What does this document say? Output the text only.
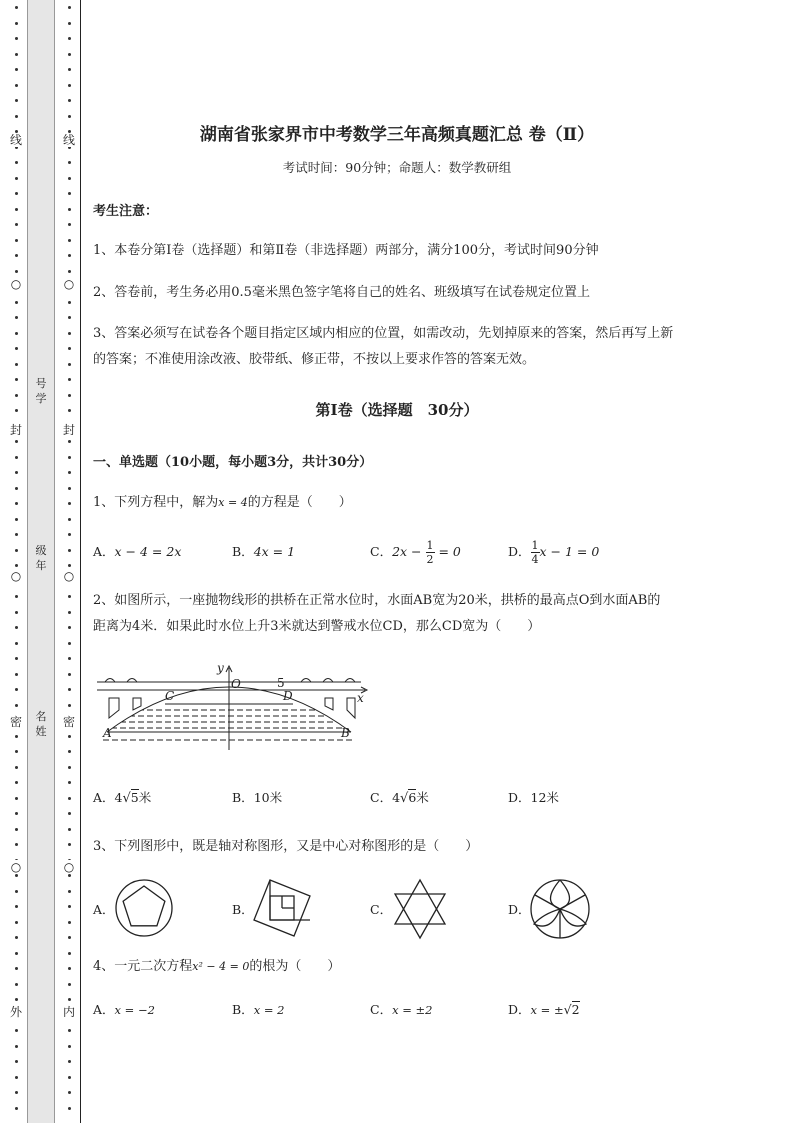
线
○
封
○
密
○
外
线
○
封
○
密
○
内
号学
级年
名姓
湖南省张家界市中考数学三年高频真题汇总 卷（Ⅱ）
考试时间：90分钟；命题人：数学教研组
考生注意：
1、本卷分第Ⅰ卷（选择题）和第Ⅱ卷（非选择题）两部分，满分100分，考试时间90分钟
2、答卷前，考生务必用0.5毫米黑色签字笔将自己的姓名、班级填写在试卷规定位置上
3、答案必须写在试卷各个题目指定区域内相应的位置，如需改动，先划掉原来的答案，然后再写上新
的答案；不准使用涂改液、胶带纸、修正带，不按以上要求作答的答案无效。
第Ⅰ卷（选择题　30分）
一、单选题（10小题，每小题3分，共计30分）
1、下列方程中，解为x = 4的方程是（　　）
A．x − 4 = 2x	B．4x = 1	C．$2x - \frac{1}{2} = 0$	D． $\frac{1}{4}$ x − 1 = 0
2、如图所示，一座抛物线形的拱桥在正常水位时，水面AB宽为20米，拱桥的最高点O到水面AB的
距离为4米．如果此时水位上升3米就达到警戒水位CD，那么CD宽为（　　）
y
O	5
x
C	D
A	B
A．4√5米	B．10米	C．4√6米	D．12米
3、下列图形中，既是轴对称图形，又是中心对称图形的是（　　）
A．	B．	C．	D．
4、一元二次方程x² − 4 = 0的根为（　　）
A．x = −2	B．x = 2	C．x = ±2	D．x = ±√2
